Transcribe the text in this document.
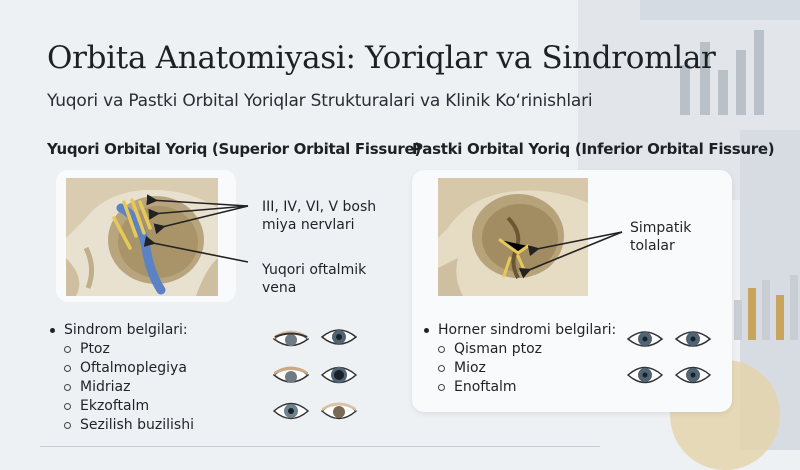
Orbita Anatomiyasi: Yoriqlar va Sindromlar
Yuqori va Pastki Orbital Yoriqlar Strukturalari va Klinik Ko‘rinishlari
Yuqori Orbital Yoriq (Superior Orbital Fissure)
III, IV, VI, V bosh
miya nervlari
Yuqori oftalmik
vena
Sindrom belgilari:
Ptoz
Oftalmoplegiya
Midriaz
Ekzoftalm
Sezilish buzilishi
Pastki Orbital Yoriq (Inferior Orbital Fissure)
Simpatik
tolalar
Horner sindromi belgilari:
Qisman ptoz
Mioz
Enoftalm
